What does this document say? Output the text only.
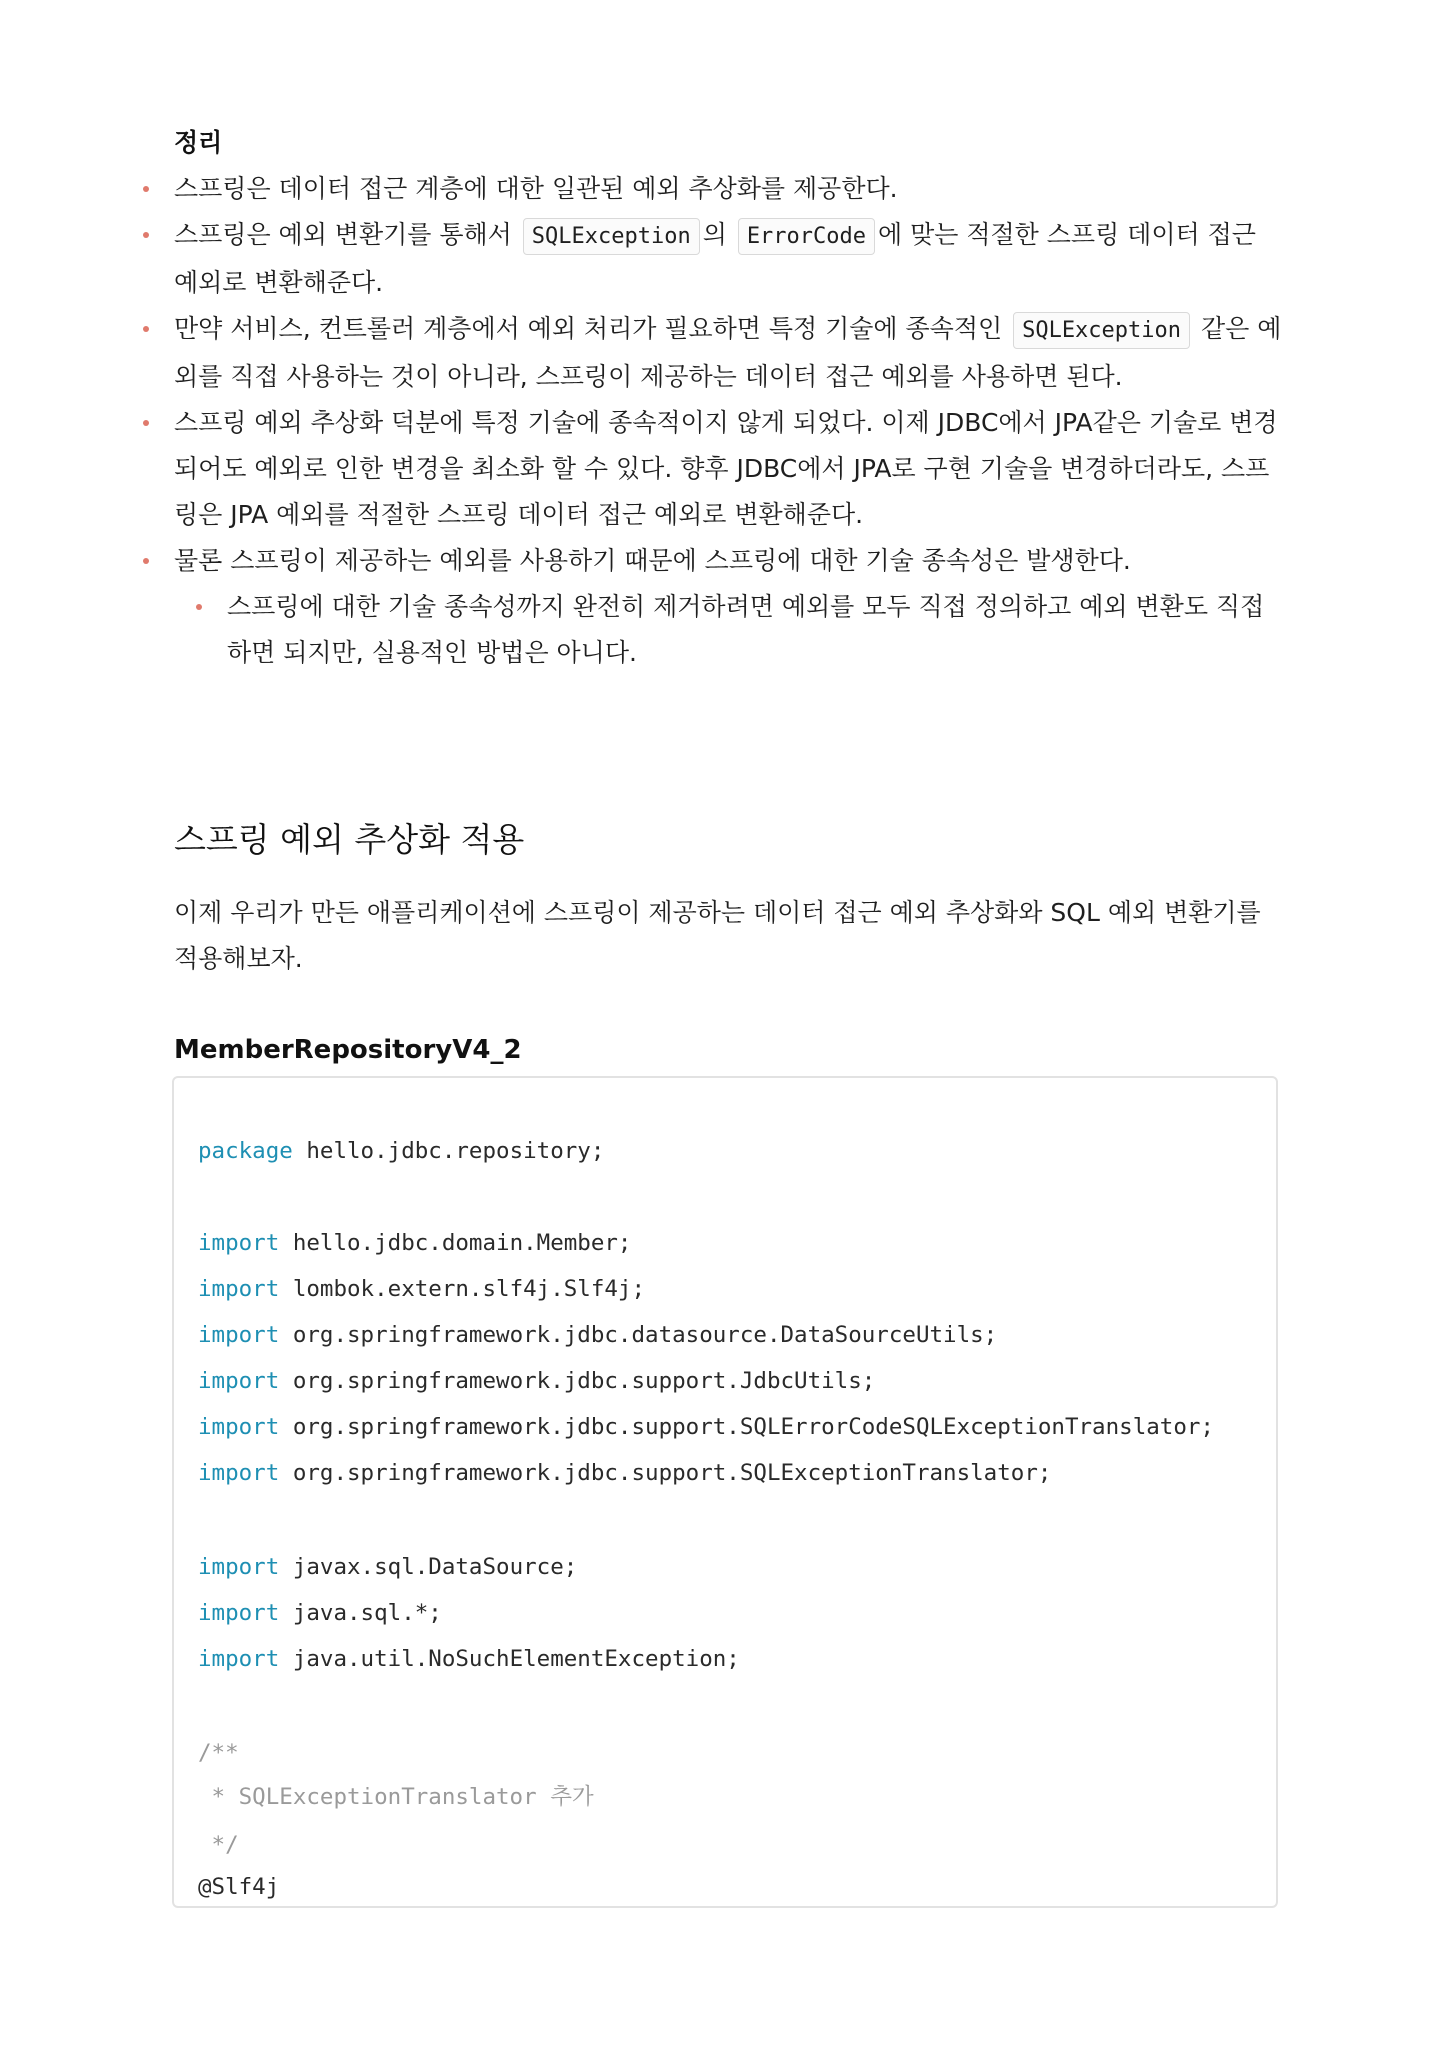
정리

스프링은 데이터 접근 계층에 대한 일관된 예외 추상화를 제공한다.
스프링은 예외 변환기를 통해서 SQLException 의 ErrorCode 에 맞는 적절한 스프링 데이터 접근 예외로 변환해준다.
만약 서비스, 컨트롤러 계층에서 예외 처리가 필요하면 특정 기술에 종속적인 SQLException 같은 예외를 직접 사용하는 것이 아니라, 스프링이 제공하는 데이터 접근 예외를 사용하면 된다.
스프링 예외 추상화 덕분에 특정 기술에 종속적이지 않게 되었다. 이제 JDBC에서 JPA같은 기술로 변경되어도 예외로 인한 변경을 최소화 할 수 있다. 향후 JDBC에서 JPA로 구현 기술을 변경하더라도, 스프링은 JPA 예외를 적절한 스프링 데이터 접근 예외로 변환해준다.
물론 스프링이 제공하는 예외를 사용하기 때문에 스프링에 대한 기술 종속성은 발생한다.
스프링에 대한 기술 종속성까지 완전히 제거하려면 예외를 모두 직접 정의하고 예외 변환도 직접 하면 되지만, 실용적인 방법은 아니다.
스프링 예외 추상화 적용

이제 우리가 만든 애플리케이션에 스프링이 제공하는 데이터 접근 예외 추상화와 SQL 예외 변환기를 적용해보자.

MemberRepositoryV4_2

package hello.jdbc.repository;
import hello.jdbc.domain.Member;
import lombok.extern.slf4j.Slf4j;
import org.springframework.jdbc.datasource.DataSourceUtils;
import org.springframework.jdbc.support.JdbcUtils;
import org.springframework.jdbc.support.SQLErrorCodeSQLExceptionTranslator;
import org.springframework.jdbc.support.SQLExceptionTranslator;
import javax.sql.DataSource;
import java.sql.*;
import java.util.NoSuchElementException;
/**
* SQLExceptionTranslator 추가
*/
@Slf4j
